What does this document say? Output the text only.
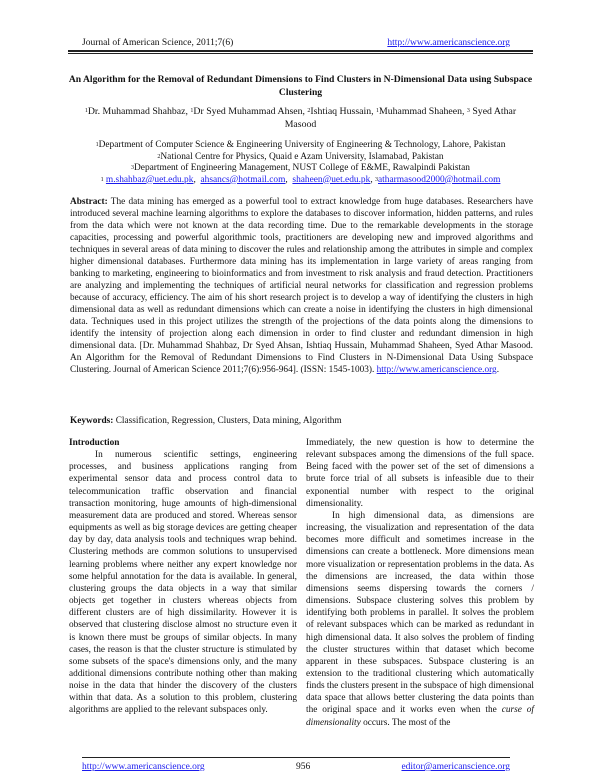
Journal of American Science, 2011;7(6)	http://www.americanscience.org
An Algorithm for the Removal of Redundant Dimensions to Find Clusters in N-Dimensional Data using Subspace Clustering
$^1$Dr. Muhammad Shahbaz, $^1$Dr Syed Muhammad Ahsen, $^2$Ishtiaq Hussain, $^1$Muhammad Shaheen, $^3$ Syed Athar Masood
$^1$Department of Computer Science & Engineering University of Engineering & Technology, Lahore, Pakistan
$^2$National Centre for Physics, Quaid e Azam University, Islamabad, Pakistan
$^3$Department of Engineering Management, NUST College of E&ME, Rawalpindi Pakistan
$^1$ m.shahbaz@uet.edu.pk,  ahsancs@hotmail.com,  shaheen@uet.edu.pk, $^3$atharmasood2000@hotmail.com
Abstract: The data mining has emerged as a powerful tool to extract knowledge from huge databases. Researchers have introduced several machine learning algorithms to explore the databases to discover information, hidden patterns, and rules from the data which were not known at the data recording time. Due to the remarkable developments in the storage capacities, processing and powerful algorithmic tools, practitioners are developing new and improved algorithms and techniques in several areas of data mining to discover the rules and relationship among the attributes in simple and complex higher dimensional databases. Furthermore data mining has its implementation in large variety of areas ranging from banking to marketing, engineering to bioinformatics and from investment to risk analysis and fraud detection. Practitioners are analyzing and implementing the techniques of artificial neural networks for classification and regression problems because of accuracy, efficiency. The aim of his short research project is to develop a way of identifying the clusters in high dimensional data as well as redundant dimensions which can create a noise in identifying the clusters in high dimensional data. Techniques used in this project utilizes the strength of the projections of the data points along the dimensions to identify the intensity of projection along each dimension in order to find cluster and redundant dimension in high dimensional data. [Dr. Muhammad Shahbaz, Dr Syed Ahsan, Ishtiaq Hussain, Muhammad Shaheen, Syed Athar Masood. An Algorithm for the Removal of Redundant Dimensions to Find Clusters in N-Dimensional Data Using Subspace Clustering. Journal of American Science 2011;7(6):956-964]. (ISSN: 1545-1003). http://www.americanscience.org.
Keywords: Classification, Regression, Clusters, Data mining, Algorithm

Introduction

In numerous scientific settings, engineering processes, and business applications ranging from experimental sensor data and process control data to telecommunication traffic observation and financial transaction monitoring, huge amounts of high-dimensional measurement data are produced and stored. Whereas sensor equipments as well as big storage devices are getting cheaper day by day, data analysis tools and techniques wrap behind. Clustering methods are common solutions to unsupervised learning problems where neither any expert knowledge nor some helpful annotation for the data is available. In general, clustering groups the data objects in a way that similar objects get together in clusters whereas objects from different clusters are of high dissimilarity. However it is observed that clustering disclose almost no structure even it is known there must be groups of similar objects. In many cases, the reason is that the cluster structure is stimulated by some subsets of the space's dimensions only, and the many additional dimensions contribute nothing other than making noise in the data that hinder the discovery of the clusters within that data. As a solution to this problem, clustering algorithms are applied to the relevant subspaces only.

Immediately, the new question is how to determine the relevant subspaces among the dimensions of the full space. Being faced with the power set of the set of dimensions a brute force trial of all subsets is infeasible due to their exponential number with respect to the original dimensionality.

In high dimensional data, as dimensions are increasing, the visualization and representation of the data becomes more difficult and sometimes increase in the dimensions can create a bottleneck. More dimensions mean more visualization or representation problems in the data. As the dimensions are increased, the data within those dimensions seems dispersing towards the corners / dimensions. Subspace clustering solves this problem by identifying both problems in parallel. It solves the problem of relevant subspaces which can be marked as redundant in high dimensional data. It also solves the problem of finding the cluster structures within that dataset which become apparent in these subspaces. Subspace clustering is an extension to the traditional clustering which automatically finds the clusters present in the subspace of high dimensional data space that allows better clustering the data points than the original space and it works even when the curse of dimensionality occurs. The most of the

http://www.americanscience.org	956	editor@americanscience.org
